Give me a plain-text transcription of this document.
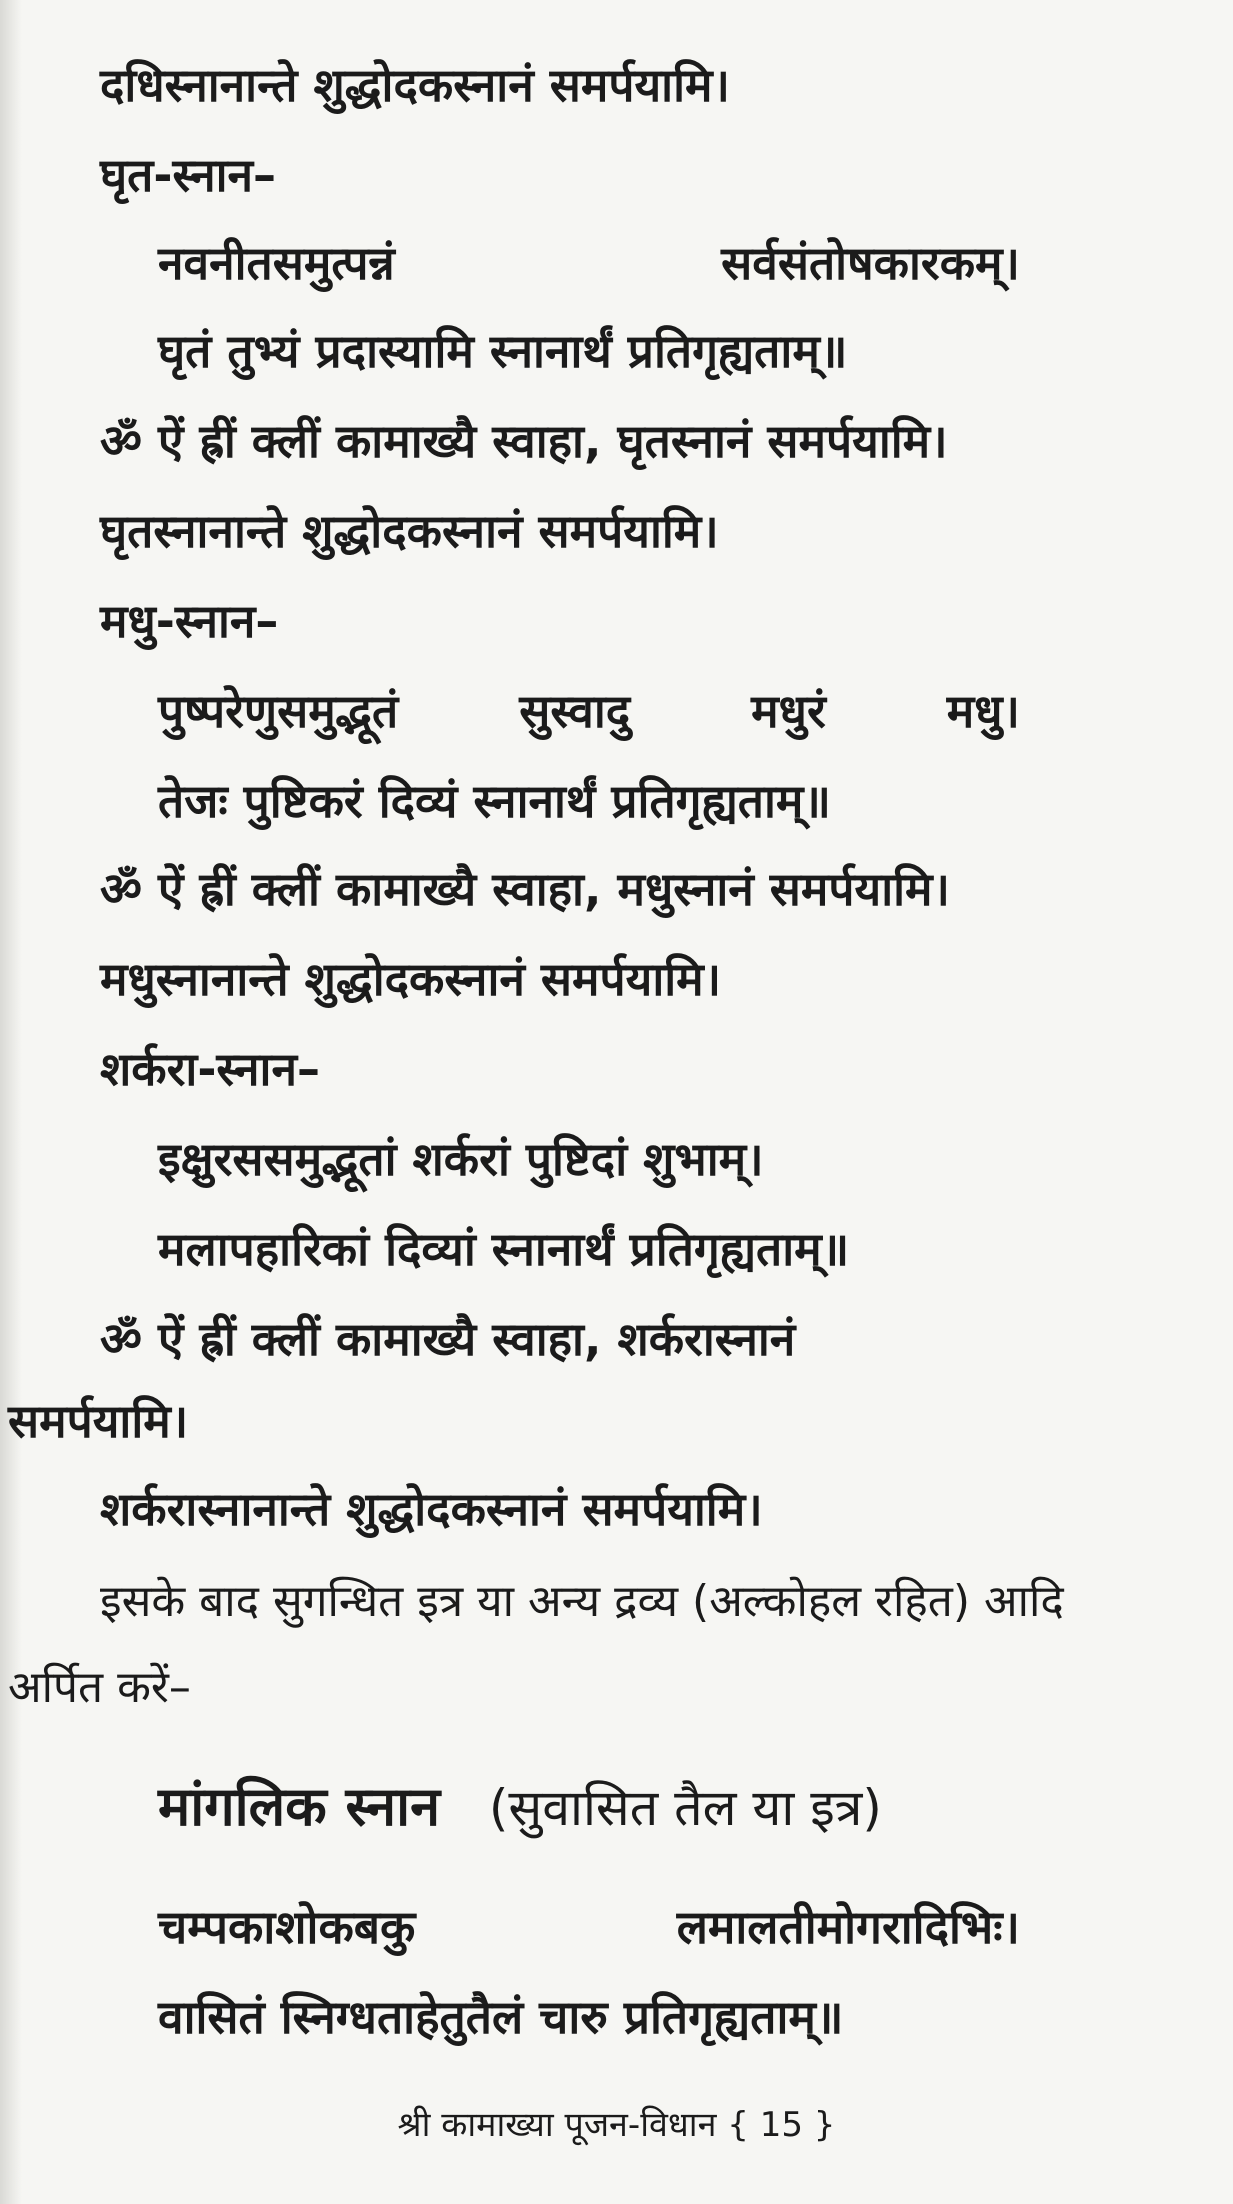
दधिस्नानान्ते शुद्धोदकस्नानं समर्पयामि।
घृत-स्नान–
नवनीतसमुत्पन्नं	सर्वसंतोषकारकम्।
घृतं तुभ्यं प्रदास्यामि स्नानार्थं प्रतिगृह्यताम्॥
ॐ ऐं ह्रीं क्लीं कामाख्यै स्वाहा, घृतस्नानं समर्पयामि।
घृतस्नानान्ते शुद्धोदकस्नानं समर्पयामि।
मधु-स्नान–
पुष्परेणुसमुद्भूतं	सुस्वादु	मधुरं	मधु।
तेजः पुष्टिकरं दिव्यं स्नानार्थं प्रतिगृह्यताम्॥
ॐ ऐं ह्रीं क्लीं कामाख्यै स्वाहा, मधुस्नानं समर्पयामि।
मधुस्नानान्ते शुद्धोदकस्नानं समर्पयामि।
शर्करा-स्नान–
इक्षुरससमुद्भूतां शर्करां पुष्टिदां शुभाम्।
मलापहारिकां दिव्यां स्नानार्थं प्रतिगृह्यताम्॥
ॐ ऐं ह्रीं क्लीं कामाख्यै स्वाहा, शर्करास्नानं
समर्पयामि।
शर्करास्नानान्ते शुद्धोदकस्नानं समर्पयामि।
इसके बाद सुगन्धित इत्र या अन्य द्रव्य (अल्कोहल रहित) आदि
अर्पित करें–
मांगलिक स्नान (सुवासित तैल या इत्र)
चम्पकाशोकबकु	लमालतीमोगरादिभिः।
वासितं स्निग्धताहेतुतैलं चारु प्रतिगृह्यताम्॥
श्री कामाख्या पूजन-विधान { 15 }
